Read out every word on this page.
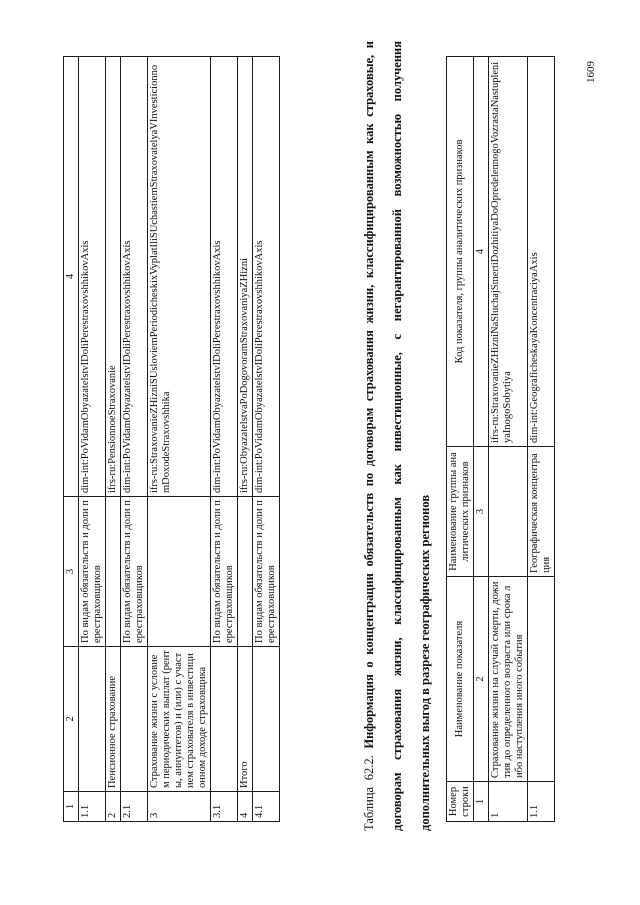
1	2	3	4
1.1		По видам обязательств и доли перестраховщиков	dim-int:PoVidamObyazatelstvIDoliPerestraxovshhikovAxis
2	Пенсионное страхование		ifrs-ru:PensionnoeStraxovanie
2.1		По видам обязательств и доли перестраховщиков	dim-int:PoVidamObyazatelstvIDoliPerestraxovshhikovAxis
3	Страхование жизни с условием периодических выплат (ренты, аннуитетов) и (или) с участием страхователя в инвестиционном доходе страховщика		ifrs-ru:StraxovanieZHizniSUsloviemPeriodicheskixVyplatIliSUchastiemStraxovatelyaVInvesticionnomDoxodeStraxovshhika
3.1		По видам обязательств и доли перестраховщиков	dim-int:PoVidamObyazatelstvIDoliPerestraxovshhikovAxis
4	Итого		ifrs-ru:ObyazatelstvaPoDogovoramStraxovaniyaZHizni
4.1		По видам обязательств и доли перестраховщиков	dim-int:PoVidamObyazatelstvIDoliPerestraxovshhikovAxis
Таблица 62.2. Информация о концентрации обязательств по договорам страхования жизни, классифицированным как страховые, и договорам страхования жизни, классифицированным как инвестиционные, с негарантированной возможностью получения дополнительных выгод в разрезе географических регионов	Номер строки	Наименование показателя	Наименование группы аналитических признаков	Код показателя, группы аналитических признаков
1	2	3	4
1	Страхование жизни на случай смерти, дожития до определенного возраста или срока либо наступления иного события		ifrs-ru:StraxovanieZHizniNaSluchajSmertiDozhitiyaDoOpredelennogoVozrastaNastupleniyaInogoSobytiya
1.1		Географическая концентрация	dim-int:GeograficheskayaKoncentraciyaAxis
1609
